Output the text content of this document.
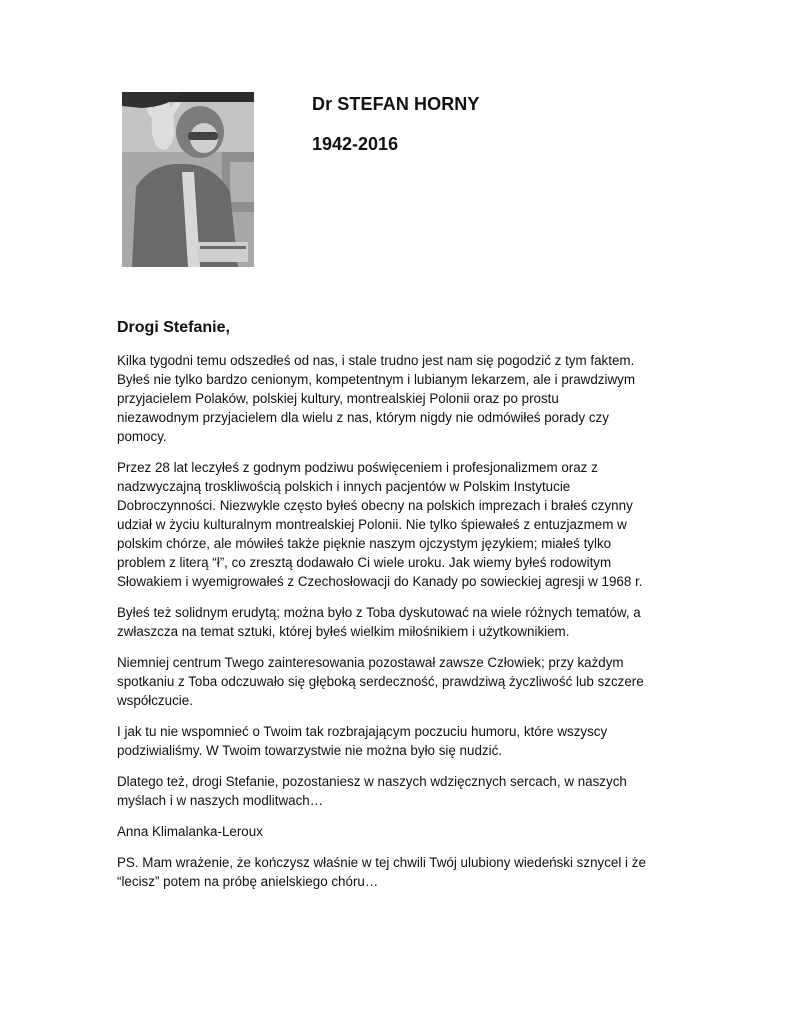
Dr STEFAN HORNY
1942-2016
Drogi Stefanie,

Kilka tygodni temu odszedłeś od nas, i stale trudno jest nam się pogodzić z tym faktem.
Byłeś nie tylko bardzo cenionym, kompetentnym i lubianym lekarzem, ale i prawdziwym
przyjacielem Polaków, polskiej kultury, montrealskiej Polonii oraz po prostu
niezawodnym przyjacielem dla wielu z nas, którym nigdy nie odmówiłeś porady czy
pomocy.

Przez 28 lat leczyłeś z godnym podziwu poświęceniem i profesjonalizmem oraz z
nadzwyczajną troskliwością polskich i innych pacjentów w Polskim Instytucie
Dobroczynności. Niezwykle często byłeś obecny na polskich imprezach i brałeś czynny
udział w życiu kulturalnym montrealskiej Polonii. Nie tylko śpiewałeś z entuzjazmem w
polskim chórze, ale mówiłeś także pięknie naszym ojczystym językiem; miałeś tylko
problem z literą “ł”, co zresztą dodawało Ci wiele uroku. Jak wiemy byłeś rodowitym
Słowakiem i wyemigrowałeś z Czechosłowacji do Kanady po sowieckiej agresji w 1968 r.

Byłeś też solidnym erudytą; można było z Toba dyskutować na wiele różnych tematów, a
zwłaszcza na temat sztuki, której byłeś wielkim miłośnikiem i użytkownikiem.

Niemniej centrum Twego zainteresowania pozostawał zawsze Człowiek; przy każdym
spotkaniu z Toba odczuwało się głęboką serdeczność, prawdziwą życzliwość lub szczere
współczucie.

I jak tu nie wspomnieć o Twoim tak rozbrajającym poczuciu humoru, które wszyscy
podziwialiśmy. W Twoim towarzystwie nie można było się nudzić.

Dlatego też, drogi Stefanie, pozostaniesz w naszych wdzięcznych sercach, w naszych
myślach i w naszych modlitwach…

Anna Klimalanka-Leroux

PS. Mam wrażenie, że kończysz właśnie w tej chwili Twój ulubiony wiedeński sznycel i że
“lecisz” potem na próbę anielskiego chóru…
